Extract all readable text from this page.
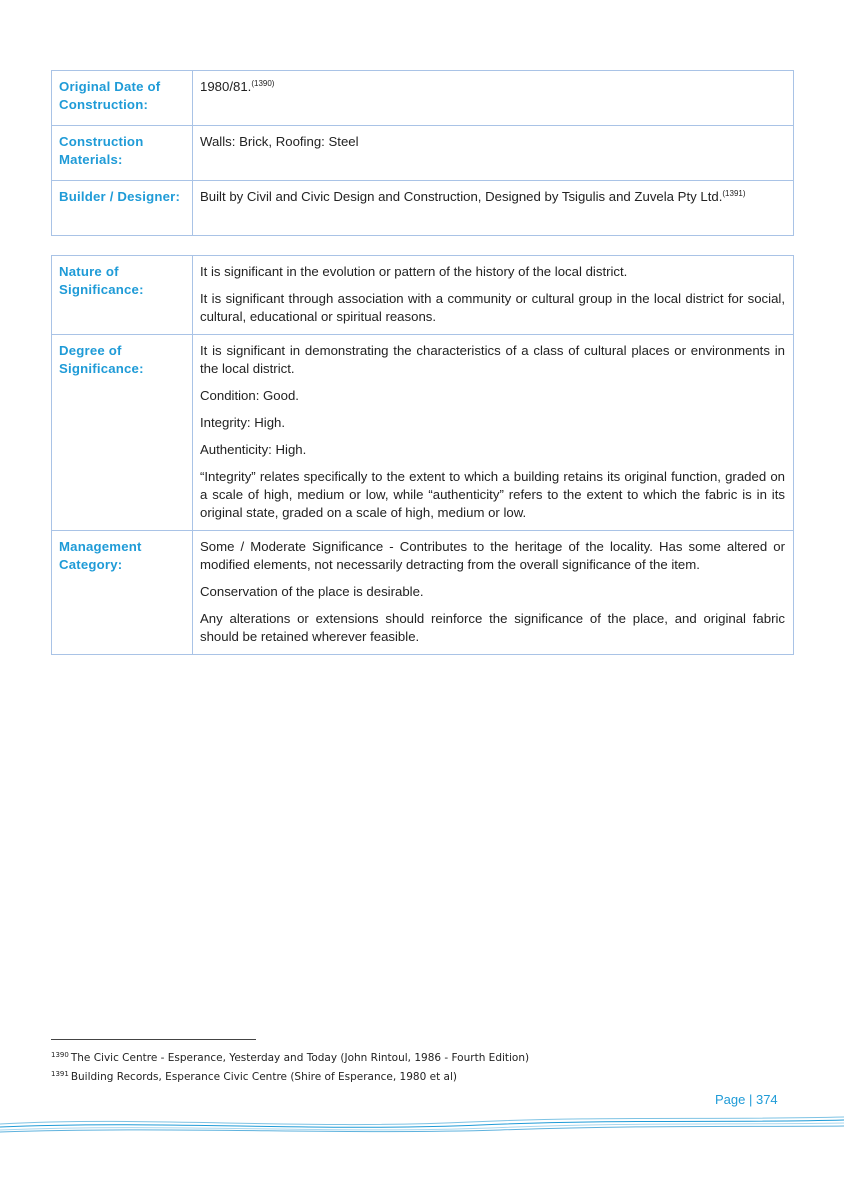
Original Date of Construction:	1980/81.$^{(1390)}$
Construction Materials:	Walls: Brick, Roofing: Steel
Builder / Designer:	Built by Civil and Civic Design and Construction, Designed by Tsigulis and Zuvela Pty Ltd.$^{(1391)}$
Nature of Significance:	It is significant in the evolution or pattern of the history of the local district.

It is significant through association with a community or cultural group in the local district for social, cultural, educational or spiritual reasons.

Degree of Significance:	It is significant in demonstrating the characteristics of a class of cultural places or environments in the local district.

Condition: Good.

Integrity: High.

Authenticity: High.

“Integrity” relates specifically to the extent to which a building retains its original function, graded on a scale of high, medium or low, while “authenticity” refers to the extent to which the fabric is in its original state, graded on a scale of high, medium or low.

Management Category:	Some / Moderate Significance - Contributes to the heritage of the locality. Has some altered or modified elements, not necessarily detracting from the overall significance of the item.

Conservation of the place is desirable.

Any alterations or extensions should reinforce the significance of the place, and original fabric should be retained wherever feasible.

$^{1390}$ The Civic Centre - Esperance, Yesterday and Today (John Rintoul, 1986 - Fourth Edition)
$^{1391}$ Building Records, Esperance Civic Centre (Shire of Esperance, 1980 et al)
Page | 374
